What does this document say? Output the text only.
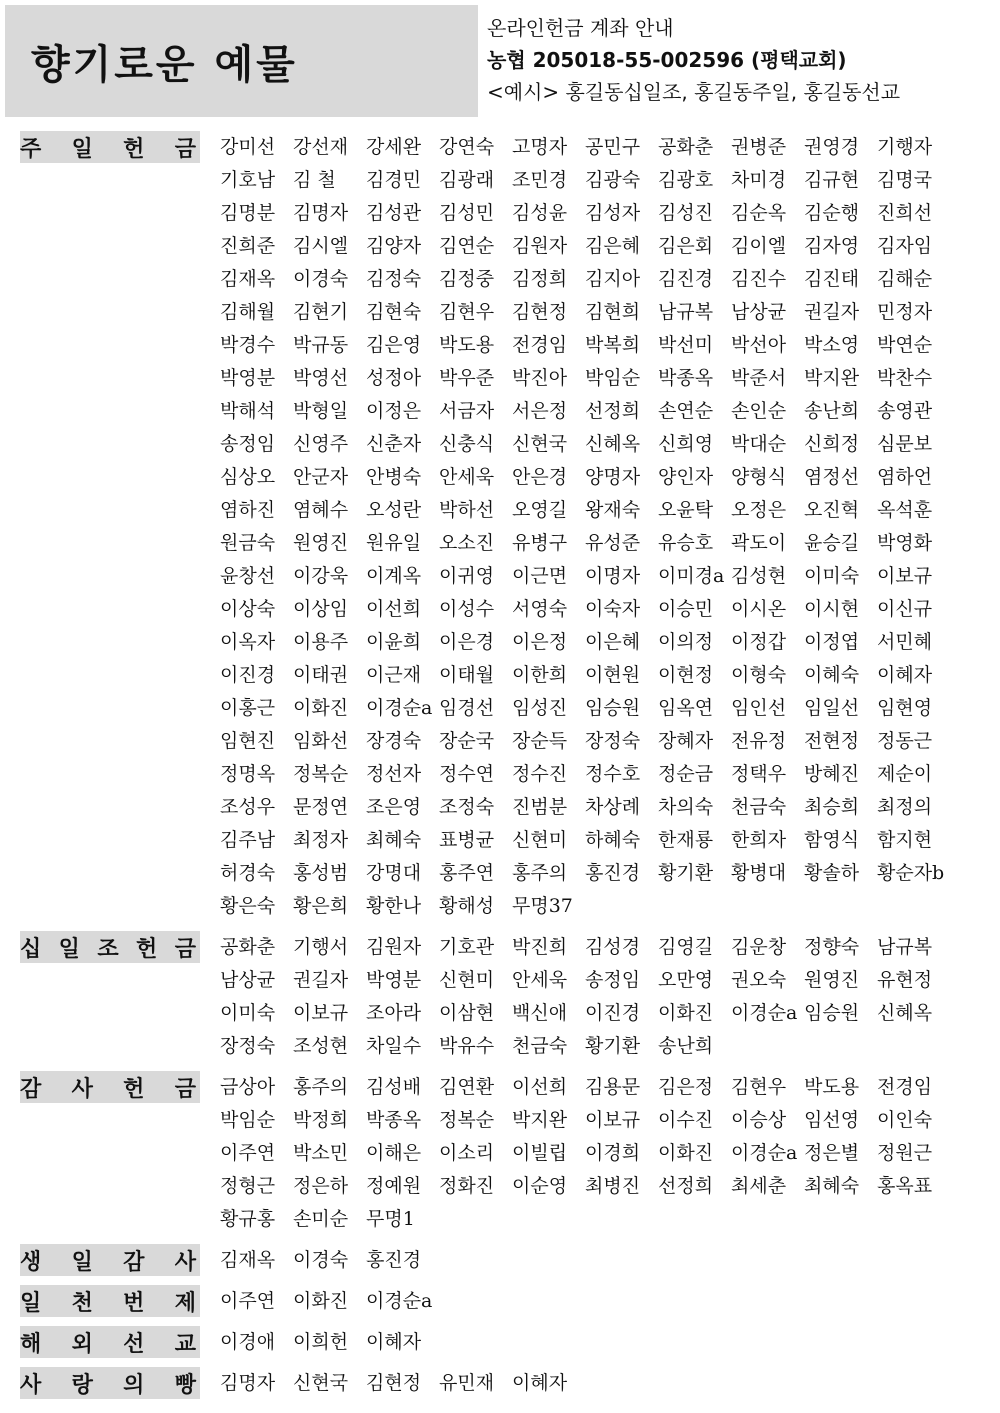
향기로운 예물
온라인헌금 계좌 안내
농협 205018-55-002596 (평택교회)
<예시> 홍길동십일조, 홍길동주일, 홍길동선교
주 일 헌 금 강미선 강선재 강세완 강연숙 고명자 공민구 공화춘 권병준 권영경 기행자
기호남 김 철	김경민 김광래 조민경 김광숙 김광호 차미경 김규현 김명국
김명분 김명자 김성관 김성민 김성윤 김성자 김성진 김순옥 김순행 진희선
진희준 김시엘 김양자 김연순 김원자 김은혜 김은회 김이엘 김자영 김자임
김재옥 이경숙 김정숙 김정중 김정희 김지아 김진경 김진수 김진태 김해순
김해월 김현기 김현숙 김현우 김현정 김현희 남규복 남상균 권길자 민정자
박경수 박규동 김은영 박도용 전경임 박복희 박선미 박선아 박소영 박연순
박영분 박영선 성정아 박우준 박진아 박임순 박종옥 박준서 박지완 박찬수
박해석 박형일 이정은 서금자 서은정 선정희 손연순 손인순 송난희 송영관
송정임 신영주 신춘자 신충식 신현국 신혜옥 신희영 박대순 신희정 심문보
심상오 안군자 안병숙 안세욱 안은경 양명자 양인자 양형식 염정선 염하언
염하진 염혜수 오성란 박하선 오영길 왕재숙 오윤탁 오정은 오진혁 옥석훈
원금숙 원영진 원유일 오소진 유병구 유성준 유승호 곽도이 윤승길 박영화
윤창선 이강욱 이계옥 이귀영 이근면 이명자 이미경a 김성현 이미숙 이보규
이상숙 이상임 이선희 이성수 서영숙 이숙자 이승민 이시온 이시현 이신규
이옥자 이용주 이윤희 이은경 이은정 이은혜 이의정 이정갑 이정엽 서민혜
이진경 이태권 이근재 이태월 이한희 이현원 이현정 이형숙 이혜숙 이혜자
이홍근 이화진 이경순a 임경선 임성진 임승원 임옥연 임인선 임일선 임현영
임현진 임화선 장경숙 장순국 장순득 장정숙 장혜자 전유정 전현정 정동근
정명옥 정복순 정선자 정수연 정수진 정수호 정순금 정택우 방혜진 제순이
조성우 문정연 조은영 조정숙 진범분 차상례 차의숙 천금숙 최승희 최정의
김주남 최정자 최혜숙 표병균 신현미 하혜숙 한재룡 한희자 함영식 함지현
허경숙 홍성범 강명대 홍주연 홍주의 홍진경 황기환 황병대 황솔하 황순자b
황은숙 황은희 황한나 황해성 무명37
십 일 조 헌 금 공화춘 기행서 김원자 기호관 박진희 김성경 김영길 김운창 정향숙 남규복
남상균 권길자 박영분 신현미 안세욱 송정임 오만영 권오숙 원영진 유현정
이미숙 이보규 조아라 이삼현 백신애 이진경 이화진 이경순a 임승원 신혜옥
장정숙 조성현 차일수 박유수 천금숙 황기환 송난희
감 사 헌 금 금상아 홍주의 김성배 김연환 이선희 김용문 김은정 김현우 박도용 전경임
박임순 박정희 박종옥 정복순 박지완 이보규 이수진 이승상 임선영 이인숙
이주연 박소민 이해은 이소리 이빌립 이경희 이화진 이경순a 정은별 정원근
정형근 정은하 정예원 정화진 이순영 최병진 선정희 최세춘 최혜숙 홍옥표
황규홍 손미순 무명1
생 일 감 사 김재옥 이경숙 홍진경
일 천 번 제 이주연 이화진 이경순a
해 외 선 교 이경애 이희헌 이혜자
사 랑 의 빵 김명자 신현국 김현정 유민재 이혜자
